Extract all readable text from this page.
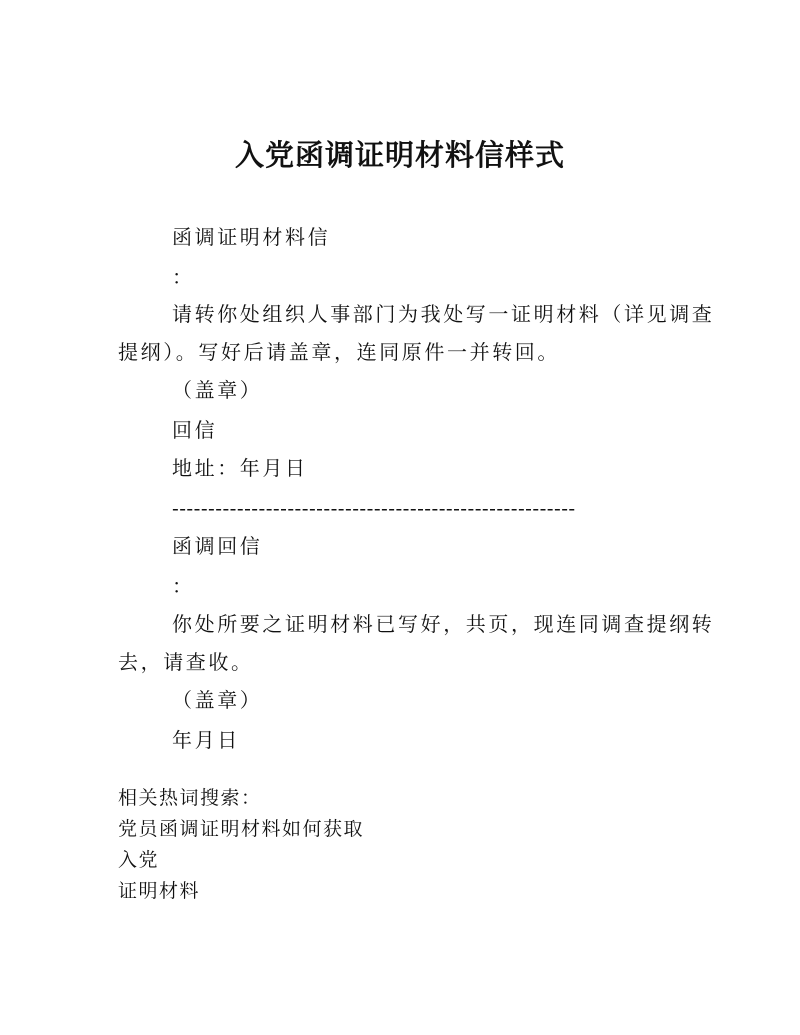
入党函调证明材料信样式
函调证明材料信
：
请转你处组织人事部门为我处写一证明材料（详见调查
提纲）。写好后请盖章，连同原件一并转回。
（盖章）
回信
地址：年月日
--------------------------------------------------------
函调回信
：
你处所要之证明材料已写好，共页，现连同调查提纲转
去，请查收。
（盖章）
年月日
相关热词搜索：
党员函调证明材料如何获取
入党
证明材料
